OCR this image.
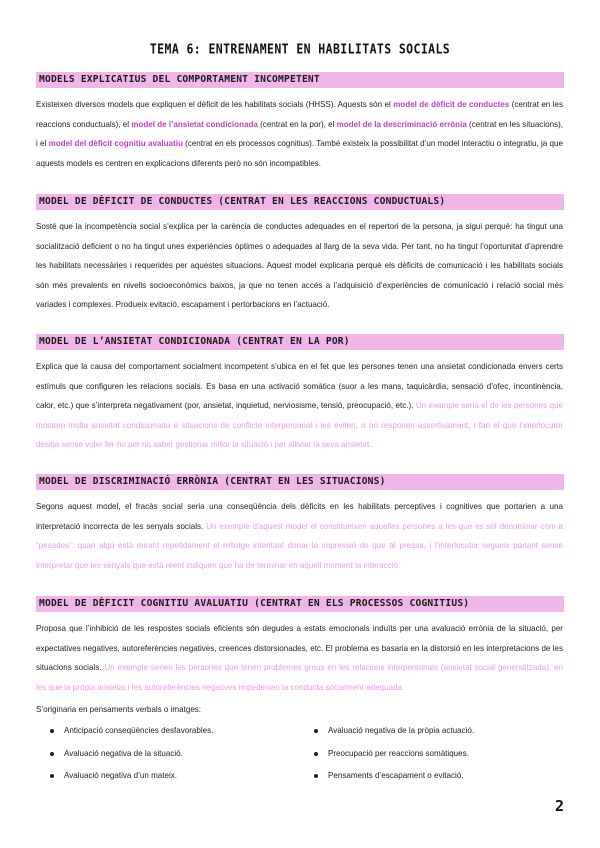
TEMA 6: ENTRENAMENT EN HABILITATS SOCIALS
MODELS EXPLICATIUS DEL COMPORTAMENT INCOMPETENT
Existeixen diversos models que expliquen el dèficit de les habilitats socials (HHSS). Aquests són el model de dèficit de conductes (centrat en les reaccions conductuals), el model de l’ansietat condicionada (centrat en la por), el model de la descriminació errònia (centrat en les situacions), i el model del dèficit cognitiu avaluatiu (centrat en els processos cognitius). També existeix la possibilitat d’un model interactiu o integratiu, ja que aquests models es centren en explicacions diferents però no són incompatibles.
MODEL DE DÈFICIT DE CONDUCTES (CENTRAT EN LES REACCIONS CONDUCTUALS)
Sosté que la incompetència social s’explica per la carència de conductes adequades en el repertori de la persona, ja sigui perquè: ha tingut una socialització deficient o no ha tingut unes experiències òptimes o adequades al llarg de la seva vida. Per tant, no ha tingut l’oportunitat d’aprendre les habilitats necessàries i requerides per aquestes situacions. Aquest model explicaria perquè els dèficits de comunicació i les habilitats socials són més prevalents en nivells socioeconòmics baixos, ja que no tenen accés a l’adquisició d’experiències de comunicació i relació social més variades i complexes. Produeix evitació, escapament i pertorbacions en l’actuació.
MODEL DE L’ANSIETAT CONDICIONADA (CENTRAT EN LA POR)
Explica que la causa del comportament socialment incompetent s’ubica en el fet que les persones tenen una ansietat condicionada envers certs estímuls que configuren les relacions socials. Es basa en una activació somàtica (suor a les mans, taquicàrdia, sensació d’ofec, incontinència, calor, etc.) que s’interpreta negativament (por, ansietat, inquietud, nerviosisme, tensió, preocupació, etc.). Un exemple seria el de les persones que mostren molta ansietat condicionada a situacions de conflicte interpersonal i les eviten, o no responen assertivament, i fan el que l’interlocutor desitja sense voler fer-ho per no saber gestionar millor la situació i per alliviar la seva ansietat.
MODEL DE DISCRIMINACIÓ ERRÒNIA (CENTRAT EN LES SITUACIONS)
Segons aquest model, el fracàs social seria una conseqüència dels dèficits en les habilitats perceptives i cognitives que portarien a una interpretació incorrecta de les senyals socials. Un exemple d’aquest model el constitueixen aquelles persones a les que es sol denominar com a “pesades”: quan algú està mirant repetidament el rellotge intentant donar la impressió de que té pressa, i l’interlocutor segueix parlant sense interpretar que les senyals que està reent indiquen que ha de terminar en aquell moment la interacció.
MODEL DE DÈFICIT COGNITIU AVALUATIU (CENTRAT EN ELS PROCESSOS COGNITIUS)
Proposa que l’inhibició de les respostes socials eficients són degudes a estats emocionals induïts per una avaluació errònia de la situació, per expectatives negatives, autoreferències negatives, creences distorsionades, etc. El problema es basaria en la distorsió en les interpretacions de les situacions socials. Un exemple serien les persones que tenen problemes greus en les relacions interpersonals (ansietat social generalitzada), en les que la pròpia ansietat i les autoreferències negatives impedeixen la conducta socialment adequada.
S’originaria en pensaments verbals o imatges:
Anticipació conseqüències desfavorables.
Avaluació negativa de la situació.
Avaluació negativa d’un mateix.
Avaluació negativa de la pròpia actuació.
Preocupació per reaccions somàtiques.
Pensaments d’escapament o evitació.
2
